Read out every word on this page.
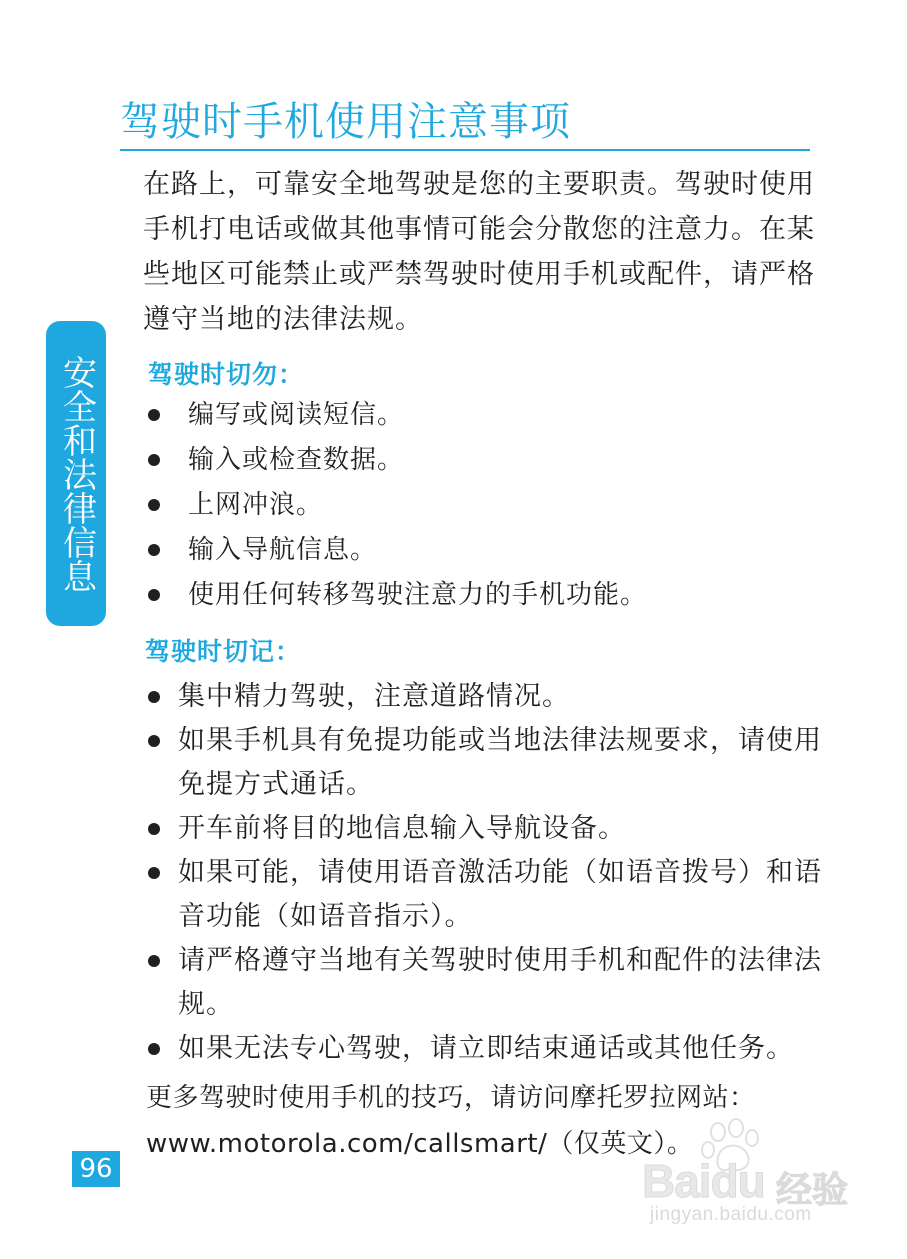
驾驶时手机使用注意事项

在路上，可靠安全地驾驶是您的主要职责。驾驶时使用手机打电话或做其他事情可能会分散您的注意力。在某些地区可能禁止或严禁驾驶时使用手机或配件，请严格遵守当地的法律法规。

安全和法律信息 驾驶时切勿：
编写或阅读短信。
输入或检查数据。
上网冲浪。
输入导航信息。
使用任何转移驾驶注意力的手机功能。
驾驶时切记：
集中精力驾驶，注意道路情况。
如果手机具有免提功能或当地法律法规要求，请使用免提方式通话。
开车前将目的地信息输入导航设备。
如果可能，请使用语音激活功能（如语音拨号）和语音功能（如语音指示）。
请严格遵守当地有关驾驶时使用手机和配件的法律法规。
如果无法专心驾驶，请立即结束通话或其他任务。
更多驾驶时使用手机的技巧，请访问摩托罗拉网站：
www.motorola.com/callsmart/（仅英文）。
96	Baidu 经验
jingyan.baidu.com
